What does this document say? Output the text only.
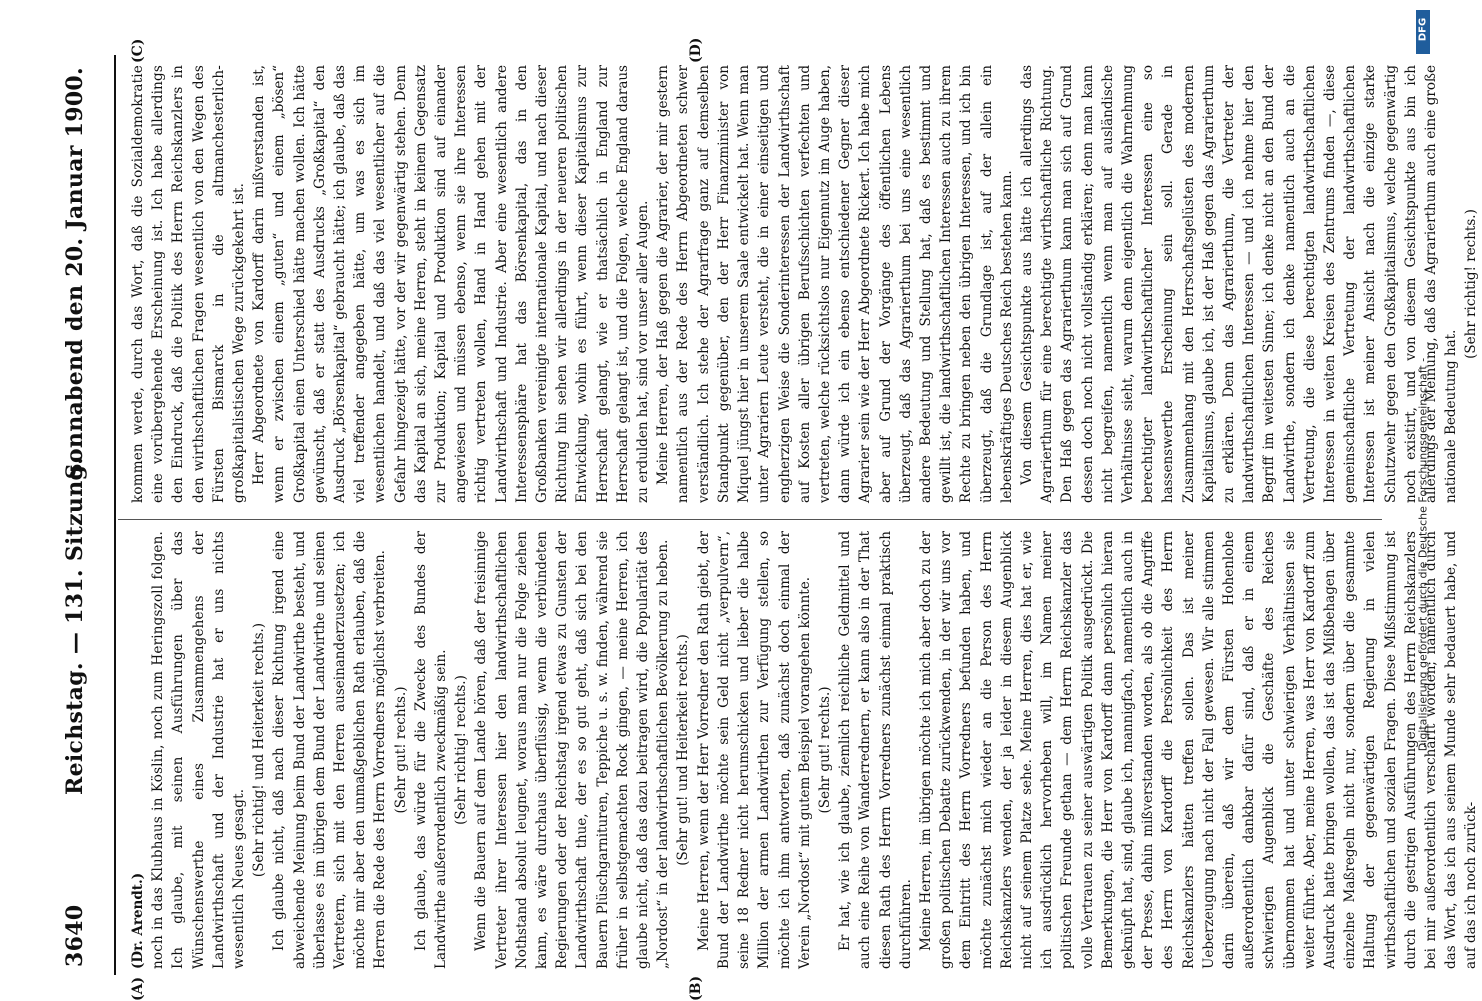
3640
Reichstag. — 131. Sitzung.
Sonnabend den 20. Januar 1900.
(A)	(B)
(C)	(D)

(Dr. Arendt.) noch in das Klubhaus in Köslin, noch zum Heringszoll folgen. Ich glaube, mit seinen Ausführungen über das Wünschenswerthe eines Zusammengehens der Landwirthschaft und der Industrie hat er uns nichts wesentlich Neues gesagt.

(Sehr richtig! und Heiterkeit rechts.) Ich glaube nicht, daß nach dieser Richtung irgend eine abweichende Meinung beim Bund der Landwirthe besteht, und überlasse es im übrigen dem Bund der Landwirthe und seinen Vertretern, sich mit den Herren auseinanderzusetzen; ich möchte mir aber den unmaßgeblichen Rath erlauben, daß die Herren die Rede des Herrn Vorredners möglichst verbreiten. (Sehr gut! rechts.) Ich glaube, das würde für die Zwecke des Bundes der Landwirthe außerordentlich zweckmäßig sein. (Sehr richtig! rechts.) Wenn die Bauern auf dem Lande hören, daß der freisinnige Vertreter ihrer Interessen hier den landwirthschaftlichen Nothstand absolut leugnet, woraus man nur die Folge ziehen kann, es wäre durchaus überflüssig, wenn die verbündeten Regierungen oder der Reichstag irgend etwas zu Gunsten der Landwirthschaft thue, der es so gut geht, daß sich bei den Bauern Plüschgarnituren, Teppiche u. s. w. finden, während sie früher in selbstgemachten Rock gingen, — meine Herren, ich glaube nicht, daß das dazu beitragen wird, die Popularität des „Nordost“ in der landwirthschaftlichen Bevölkerung zu heben. (Sehr gut! und Heiterkeit rechts.) Meine Herren, wenn der Herr Vorredner den Rath giebt, der Bund der Landwirthe möchte sein Geld nicht „verpulvern“, seine 18 Redner nicht herumschicken und lieber die halbe Million der armen Landwirthen zur Verfügung stellen, so möchte ich ihm antworten, daß zunächst doch einmal der Verein „Nordost“ mit gutem Beispiel vorangehen könnte. (Sehr gut! rechts.) Er hat, wie ich glaube, ziemlich reichliche Geldmittel und auch eine Reihe von Wanderrednern, er kann also in der That diesen Rath des Herrn Vorredners zunächst einmal praktisch durchführen. Meine Herren, im übrigen möchte ich mich aber doch zu der großen politischen Debatte zurückwenden, in der wir uns vor dem Eintritt des Herrn Vorredners befunden haben, und möchte zunächst mich wieder an die Person des Herrn Reichskanzlers wenden, der ja leider in diesem Augenblick nicht auf seinem Platze sehe. Meine Herren, dies hat er, wie ich ausdrücklich hervorheben will, im Namen meiner politischen Freunde gethan — dem Herrn Reichskanzler das volle Vertrauen zu seiner auswärtigen Politik ausgedrückt. Die Bemerkungen, die Herr von Kardorff dann persönlich hieran geknüpft hat, sind, glaube ich, mannigfach, namentlich auch in der Presse, dahin mißverstanden worden, als ob die Angriffe des Herrn von Kardorff die Persönlichkeit des Herrn Reichskanzlers hätten treffen sollen. Das ist meiner Ueberzeugung nach nicht der Fall gewesen. Wir alle stimmen darin überein, daß wir dem Fürsten Hohenlohe außerordentlich dankbar dafür sind, daß er in einem schwierigen Augenblick die Geschäfte des Reiches übernommen hat und unter schwierigen Verhältnissen sie weiter führte. Aber, meine Herren, was Herr von Kardorff zum Ausdruck hatte bringen wollen, das ist das Mißbehagen über einzelne Maßregeln nicht nur, sondern über die gesammte Haltung der gegenwärtigen Regierung in vielen wirthschaftlichen und sozialen Fragen. Diese Mißstimmung ist durch die gestrigen Ausführungen des Herrn Reichskanzlers bei mir außerordentlich verschärft worden; namentlich durch das Wort, das ich aus seinem Munde sehr bedauert habe, und auf das ich noch zurück-

kommen werde, durch das Wort, daß die Sozialdemokratie eine vorübergehende Erscheinung ist. Ich habe allerdings den Eindruck, daß die Politik des Herrn Reichskanzlers in den wirthschaftlichen Fragen wesentlich von den Wegen des Fürsten Bismarck in die altmanchesterlich-großkapitalistischen Wege zurückgekehrt ist. Herr Abgeordnete von Kardorff darin mißverstanden ist, wenn er zwischen einem „guten“ und einem „bösen“ Großkapital einen Unterschied hätte machen wollen. Ich hätte gewünscht, daß er statt des Ausdrucks „Großkapital“ den Ausdruck „Börsenkapital“ gebraucht hätte; ich glaube, daß das viel treffender angegeben hätte, um was es sich im wesentlichen handelt, und daß das viel wesentlicher auf die Gefahr hingezeigt hätte, vor der wir gegenwärtig stehen. Denn das Kapital an sich, meine Herren, steht in keinem Gegensatz zur Produktion; Kapital und Produktion sind auf einander angewiesen und müssen ebenso, wenn sie ihre Interessen richtig vertreten wollen, Hand in Hand gehen mit der Landwirthschaft und Industrie. Aber eine wesentlich andere Interessensphäre hat das Börsenkapital, das in den Großbanken vereinigte internationale Kapital, und nach dieser Richtung hin sehen wir allerdings in der neueren politischen Entwicklung, wohin es führt, wenn dieser Kapitalismus zur Herrschaft gelangt, wie er thatsächlich in England zur Herrschaft gelangt ist, und die Folgen, welche England daraus zu erdulden hat, sind vor unser aller Augen. Meine Herren, der Haß gegen die Agrarier, der mir gestern namentlich aus der Rede des Herrn Abgeordneten schwer verständlich. Ich stehe der Agrarfrage ganz auf demselben Standpunkt gegenüber, den der Herr Finanzminister von Miquel jüngst hier in unserem Saale entwickelt hat. Wenn man unter Agrariern Leute versteht, die in einer einseitigen und engherzigen Weise die Sonderinteressen der Landwirthschaft auf Kosten aller übrigen Berufsschichten verfechten und vertreten, welche rücksichtslos nur Eigennutz im Auge haben, dann würde ich ein ebenso entschiedener Gegner dieser Agrarier sein wie der Herr Abgeordnete Rickert. Ich habe mich aber auf Grund der Vorgänge des öffentlichen Lebens überzeugt, daß das Agrarierthum bei uns eine wesentlich andere Bedeutung und Stellung hat, daß es bestimmt und gewillt ist, die landwirthschaftlichen Interessen auch zu ihrem Rechte zu bringen neben den übrigen Interessen, und ich bin überzeugt, daß die Grundlage ist, auf der allein ein lebenskräftiges Deutsches Reich bestehen kann. Von diesem Gesichtspunkte aus hätte ich allerdings das Agrarierthum für eine berechtigte wirthschaftliche Richtung. Den Haß gegen das Agrarierthum kann man sich auf Grund dessen doch noch nicht vollständig erklären; denn man kann nicht begreifen, namentlich wenn man auf ausländische Verhältnisse sieht, warum denn eigentlich die Wahrnehmung berechtigter landwirthschaftlicher Interessen eine so hassenswerthe Erscheinung sein soll. Gerade in Zusammenhang mit den Herrschaftsgelüsten des modernen Kapitalismus, glaube ich, ist der Haß gegen das Agrarierthum zu erklären. Denn das Agrarierthum, die Vertreter der landwirthschaftlichen Interessen — und ich nehme hier den Begriff im weitesten Sinne; ich denke nicht an den Bund der Landwirthe, sondern ich denke namentlich auch an die Vertretung, die diese berechtigten landwirthschaftlichen Interessen in weiten Kreisen des Zentrums finden —, diese gemeinschaftliche Vertretung der landwirthschaftlichen Interessen ist meiner Ansicht nach die einzige starke Schutzwehr gegen den Großkapitalismus, welche gegenwärtig noch existirt, und von diesem Gesichtspunkte aus bin ich allerdings der Meinung, daß das Agrarierthum auch eine große nationale Bedeutung hat.

(Sehr richtig! rechts.)

DFG
Digitalisierung gefördert durch die Deutsche Forschungsgemeinschaft -
